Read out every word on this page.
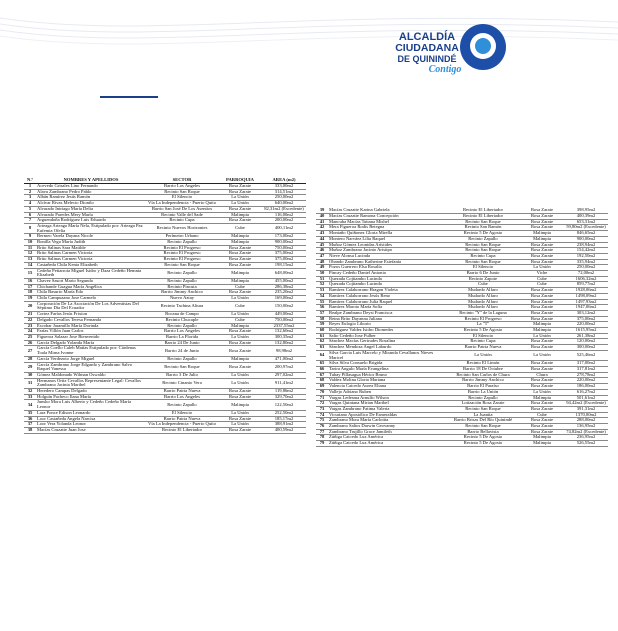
ALCALDÍA
CIUDADANA
DE QUININDÉ
Contigo
N.º	NOMBRES Y APELLIDOS	SECTOR	PARROQUIA	ÁREA (m2)
1	Acevedo Grisales Lino Fernando	Barrio Los Ángeles	Rosa Zarate	333,00m2
2	Alava Zambrano Pedro Pablo	Recinto San Roque	Rosa Zarate	314,51m2
3	Albán Ramírez Jesús Ramón	El Silencio	La Unión	250,00m2
4	Alcívar Rivas Melecio Dionilo	Vía La Independencia - Puerto Quito	La Unión	640,00m2
5	Alvarado Intriago María Delia	Barrio San José De Los Asentios	Rosa Zarate	82,31m2 (Excedente)
6	Alvarado Paredes Mery María	Recinto Valle del Sade	Malimpia	116,00m2
7	Arguendoña Rodríguez Luis Eduardo	Recinto Cupa	Rosa Zarate	200,00m2
8	Arteaga Arteaga María Nela, Estipulado por: Arteaga Paz Eufemia Ofelia	Recinto Nuevos Horizontes	Cube	400,11m2
9	Bermeo Varela Dayana Nicole	Perímetro Urbano	Malimpia	173,00m2
10	Bonilla Vega María Judith	Recinto Zapallo	Malimpia	900,00m2
11	Brito Salinas Sara Matilde	Recinto El Progreso	Rosa Zarate	750,00m2
12	Brito Salinas Carmen Victoria	Recinto El Progreso	Rosa Zarate	375,00m2
13	Brito Salinas Carmen Victoria	Recinto El Progreso	Rosa Zarate	375,00m2
14	Castañeda Chila Kenia Elizabeth	Recinto San Roque	Rosa Zarate	198,15m2
15	Cedeño Pettarroia Miguel Isidro y Daza Cedeño Hemnia Elizabeth	Recinto Zapallo	Malimpia	648,00m2
16	Chavez Sasori Mario Segundo	Recinto Zapallo	Malimpia	455,00m2
17	Chichande Guagua María Angélica	Recinto Pincuta	Cube	286,38m2
18	Chila Basurto María Eda	Barrio Jimmy Anchico	Rosa Zarate	235,20m2
19	Chila Campuzano Jose Carmelo	Nuevo Aztay	La Unión	169,00m2
20	Corporación De La Asociación De Los Adventistas Del Séptimo Día Del Ecuador	Recinto Tachina Altura	Cube	150,00m2
21	Cortez Farías Jesús Frixion	Bocana de Campo	La Unión	449,00m2
22	Delgado Cevallos Teresa Fernanda	Recinto Chucaple	Cube	750,00m2
23	Escobar Jaramillo María Dorinda	Recinto Zapallo	Malimpia	2337,55m2
24	Farías Villón Juan Carlos	Barrio Los Ángeles	Rosa Zarate	132,60m2
25	Figueroa Salazar Jose Bienvenido	Barrio La Florida	La Unión	300,35m2
26	García Delgado Yolanda María	Barrio 24 De Junio	Rosa Zarate	132,80m2
27	García Coello Caleb Matías Estipulado por: Cárdenas Toala Mirna Ivonne	Barrio 24 de Junio	Rosa Zarate	98,98m2
28	García Verdezoto Jorge Miguel	Recinto Zapallo	Malimpia	471,00m2
29	García Zambrano Jorge Edgardo y Zambrano Salvo Raquel Vanessa	Recinto San Roque	Rosa Zarate	200,97m2
30	Gómez Maldonado Wilman Oswaldo	Barrio 3 De Julio	La Unión	297,02m2
31	Hermanos Ortiz Cevallos Representante Legal: Cevallos Zambrano Jacinta Maribel	Recinto Cinanto Vera	La Unión	911,41m2
32	Heredero Campas Delgado	Barrio Patria Nueva	Rosa Zarate	119,86m2
33	Holguín Pacheco Ilana María	Barrio Los Ángeles	Rosa Zarate	329,70m2
34	Junsho Mora Luis Alberto y Cedeño Cedeño María Leonor	Recinto Zapallo	Malimpia	122,50m2
35	Lara Ponce Edison Leonardo	El Silencio	La Unión	252,50m2
36	Loor Castañeda Angela Narcisa	Barrio Patria Nueva	Rosa Zarate	185,17m2
37	Loor Vera Yolanda Leonor	Vía La Independencia - Puerto Quito	La Unión	388,91m2
38	Macías Cruzatte Juan Jose	Recinto El Libertador	Rosa Zarate	400,59m2
39	Macías Cruzatte Karina Gabriela	Recinto El Libertador	Rosa Zarate	398,95m2
40	Macías Cruzatte Ramona Concepción	Recinto El Libertador	Rosa Zarate	400,39m2
41	Mancuba Macías Tatiana Mishel	Recinto San Roque	Rosa Zarate	653,31m2
42	Mera Figueroa Rodis Betegna	Recinto San Ramón	Rosa Zarate	59,80m2 (Excedente)
43	Montaño Quiñonez Gloria Mirella	Recinto 5 De Agosto	Malimpia	846,65m2
44	Montero Narváez Lilia Raquel	Recinto Zapallo	Malimpia	900,00m2
45	Muñoz Gómez Leonidas Arístides	Recinto San Roque	Rosa Zarate	238,94m2
46	Muñoz Zambrano Jacinto Aristipo	Recinto San Roque	Rosa Zarate	154,42m2
47	Nieve Alonsa Lucinda	Recinto Cupa	Rosa Zarate	192,50m2
48	Obando Zambrano Katherine Estefanía	Recinto San Roque	Rosa Zarate	335,94m2
49	Pozos Guerrero Elsa Rosalía	El Silencio	La Unión	250,00m2
50	Pincay Cedeño Daniel Antonio	Barrio 6 De Junio	Viche	72,00m2
51	Quezada Cojitambo Lucinda	Recinto Zapote	Cube	1606,32m2
52	Quezada Cojitambo Lucinda	Cube	Cube	859,77m2
53	Ramírez Calahorrano Hragon Violeta	Mudardo Alfaro	Rosa Zarate	1928,06m2
54	Ramírez Calahorrano Jesús Reno	Mudardo Alfaro	Rosa Zarate	1498,09m2
55	Ramírez Calahorrano Julia Raquel	Mudardo Alfaro	Rosa Zarate	1497,93m2
56	Ramírez Maroto María Sofía	Mudardo Alfaro	Rosa Zarate	1947,06m2
57	Realpe Zambrano Deysi Francisca	Recinto "Y" de la Laguna	Rosa Zarate	303,12m2
58	Reina Brito Dayanna Juliana	Recinto El Progreso	Rosa Zarate	375,00m2
59	Reyes Eulogio Liborio	La "T"	Malimpia	220,00m2
60	Rodríguez Valdez Isidro Diomedes	Recinto 5 De Agosto	Malimpia	1615,95m2
61	Salto Cedeño Jose Fulber	El Silencio	La Unión	261,38m2
62	Sánchez Macías Gertrudes Rosalina	Recinto Cupa	Rosa Zarate	120,00m2
63	Sánchez Mendoza Angel Laburdo	Barrio Patria Nueva	Rosa Zarate	300,00m2
64	Silva Garcia Luis Marcelo y Miranda Cevallanos Nieves Maricel	La Unión	La Unión	525,46m2
65	Silva Silva Consuelo Brigida	Recinto El Limón	Rosa Zarate	317,00m2
66	Tarira Angulo María Evangelina	Barrio 18 De Octubre	Rosa Zarate	317,81m2
67	Tubay Pillasagua Héctor Bruno	Recinto San Carlos de Chura	Chura	278,78m2
68	Valdez Molina Gloria Mariana	Barrio Jimmy Anchico	Rosa Zarate	220,00m2
69	Valencia Caicedo Aurea Eliana	Barrio El Paraíso	Rosa Zarate	186,00m2
70	Vallejo Adriano Ruben	Barrio La Unión	La Unión	616,27m2
71	Vargas Ledesma Arnulfo Wilson	Recinto Zapallo	Malimpia	501,61m2
72	Vargas Quintana Mirian Maribel	Lotización Rosa Zarate	Rosa Zarate	94,42m2 (Excedente)
73	Vargas Zambrano Fatima Valeria	Recinto San Roque	Rosa Zarate	391,31m2
74	Vicuriano Apostólico De Esmeraldas	La Juanita	Cube	1370,00m2
75	Zambrano Mora María Carlotita	Barrio Brisas Del Río Quinindé	Rosa Zarate	288,00m2
76	Zambrano Saltos Darwin Geovanny	Recinto San Roque	Rosa Zarate	136,95m2
77	Zambrano Trujillo Grace Jamileth	Barrio Bellavista	Rosa Zarate	74,82m2 (Excedente)
78	Zúñiga Caicedo Luz América	Recinto 5 De Agosto	Malimpia	236,95m2
79	Zúñiga Caicedo Luz América	Recinto 5 De Agosto	Malimpia	526,55m2
